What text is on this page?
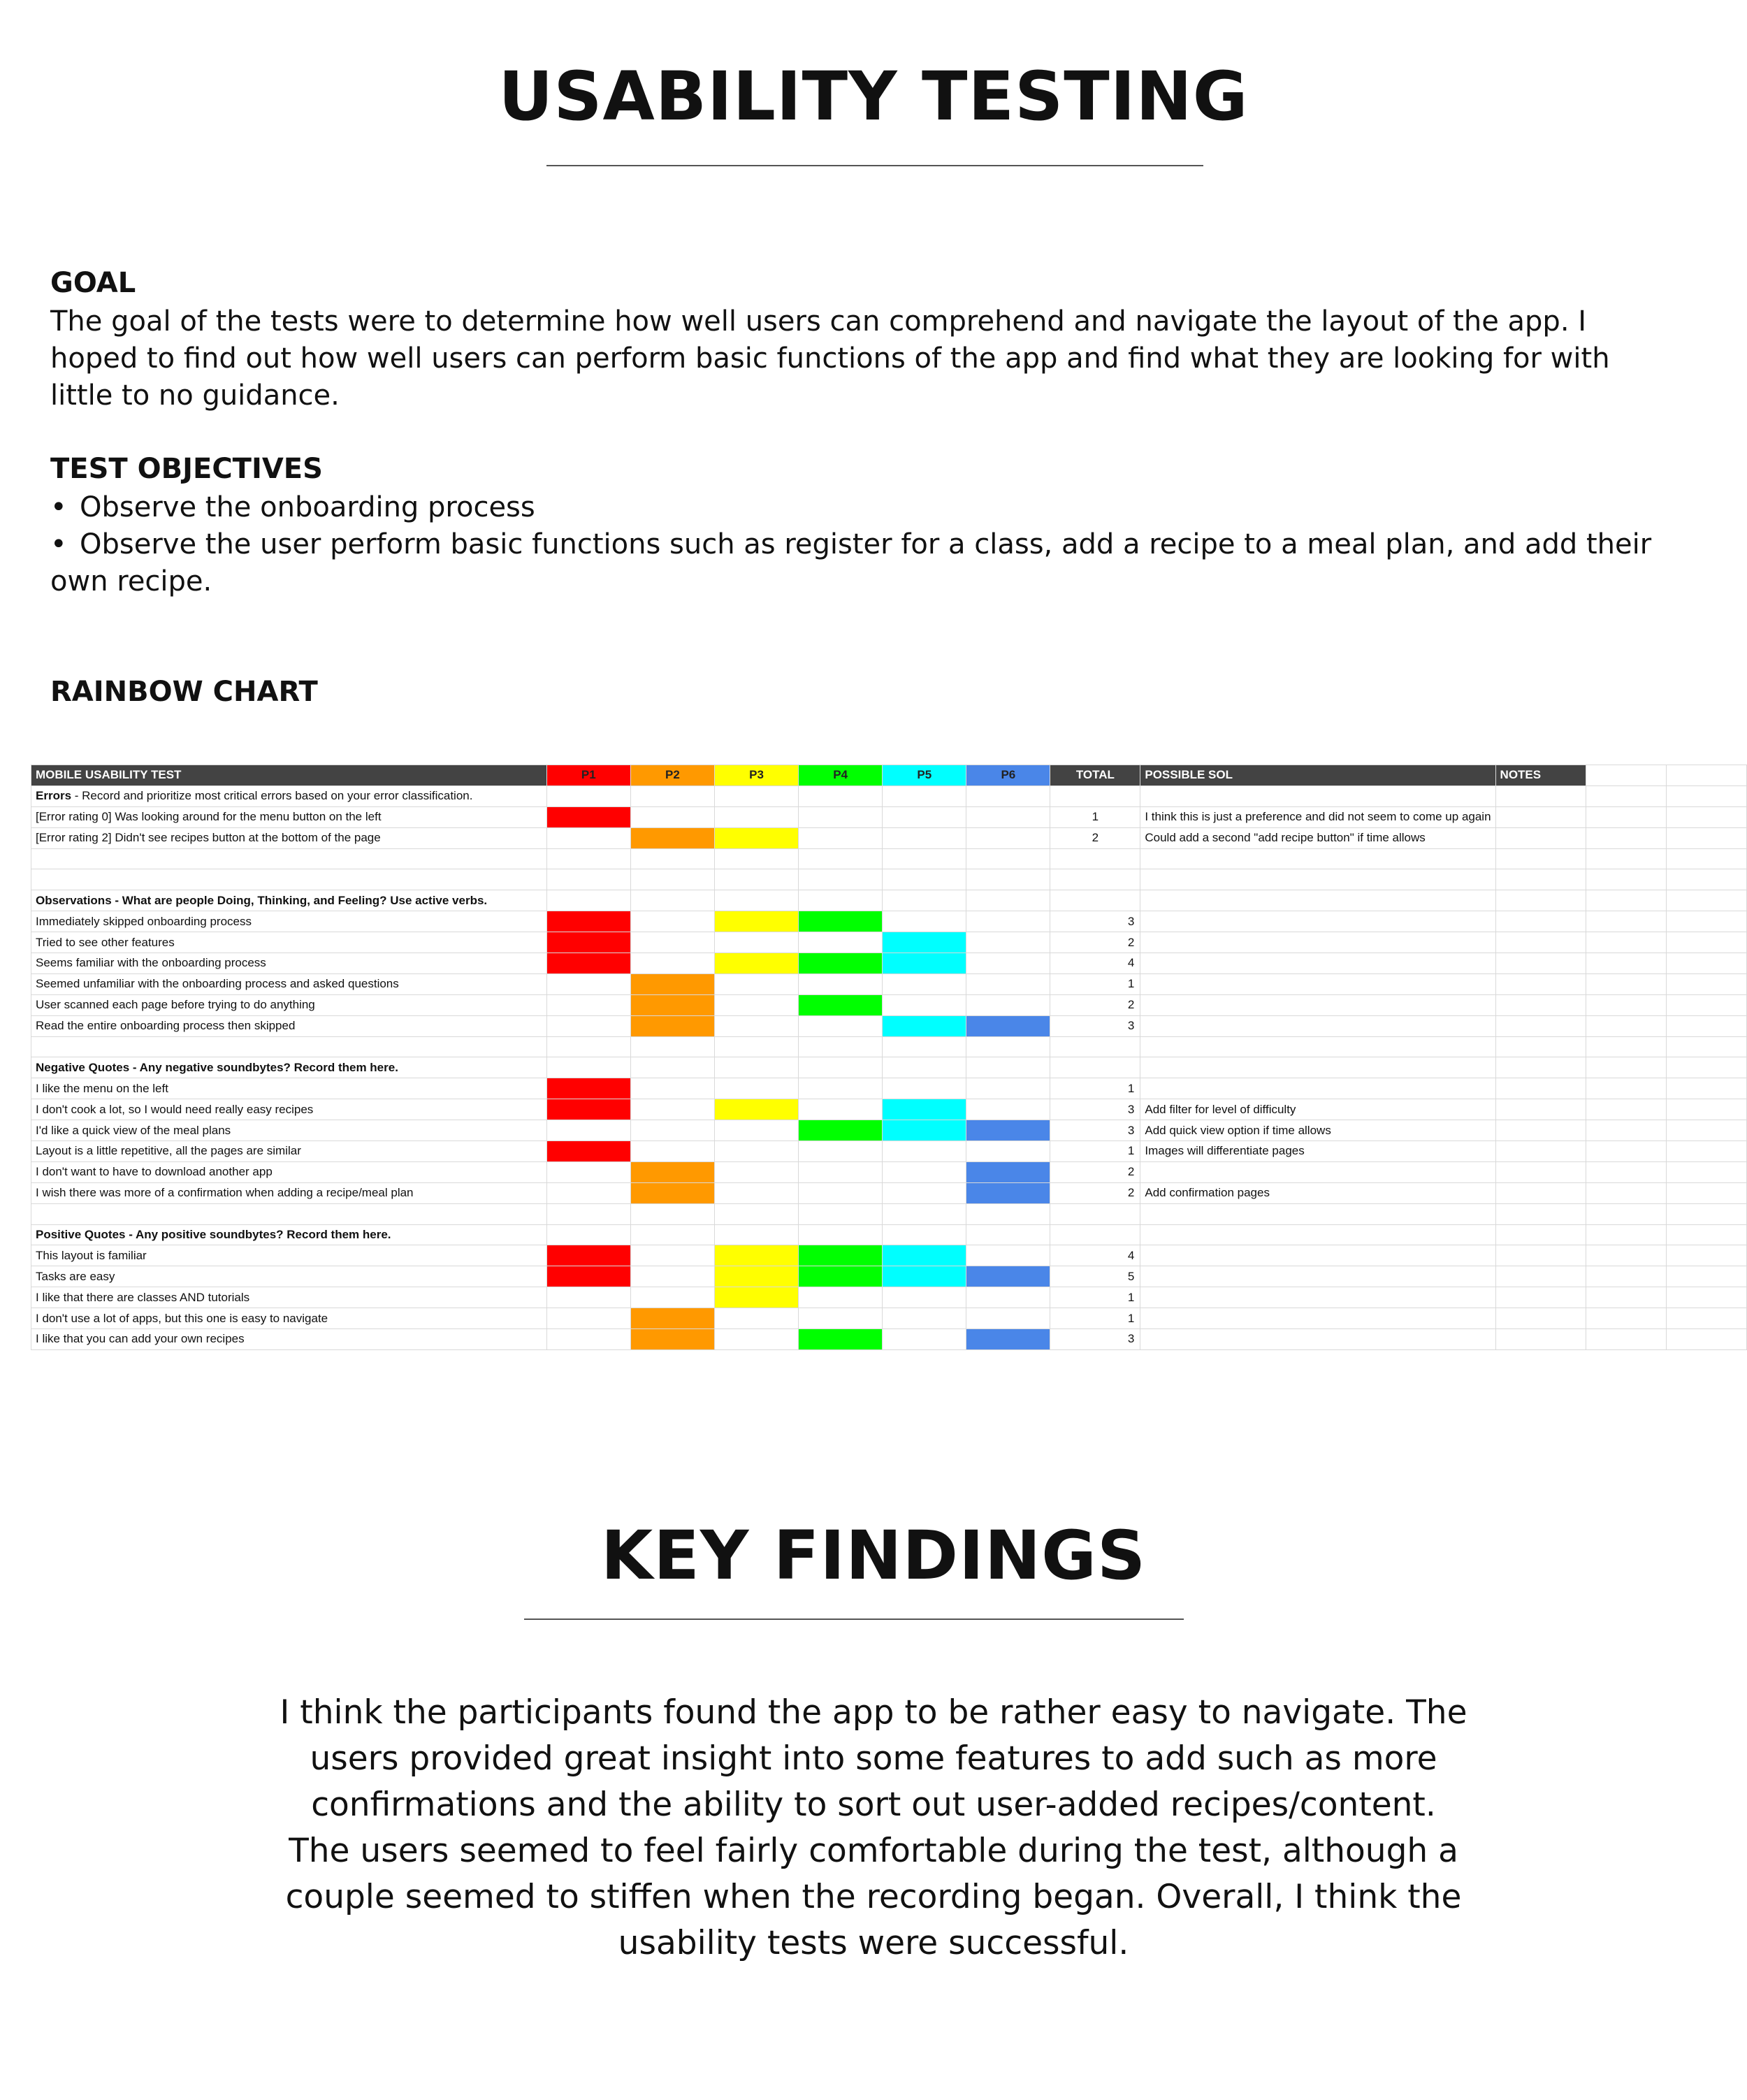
USABILITY TESTING
GOAL

The goal of the tests were to determine how well users can comprehend and navigate the layout of the app. I hoped to find out how well users can perform basic functions of the app and find what they are looking for with little to no guidance.

TEST OBJECTIVES
• Observe the onboarding process
• Observe the user perform basic functions such as register for a class, add a recipe to a meal plan, and add their own recipe.
RAINBOW CHART
MOBILE USABILITY TEST	P1	P2	P3	P4	P5	P6	TOTAL	POSSIBLE SOL	NOTES		
Errors - Record and prioritize most critical errors based on your error classification.											
[Error rating 0] Was looking around for the menu button on the left							1	I think this is just a preference and did not seem to come up again			
[Error rating 2] Didn't see recipes button at the bottom of the page							2	Could add a second "add recipe button" if time allows			

Observations - What are people Doing, Thinking, and Feeling? Use active verbs.											
Immediately skipped onboarding process							3				
Tried to see other features							2				
Seems familiar with the onboarding process							4				
Seemed unfamiliar with the onboarding process and asked questions							1				
User scanned each page before trying to do anything							2				
Read the entire onboarding process then skipped							3				

Negative Quotes - Any negative soundbytes? Record them here.											
I like the menu on the left							1				
I don't cook a lot, so I would need really easy recipes							3	Add filter for level of difficulty			
I'd like a quick view of the meal plans							3	Add quick view option if time allows			
Layout is a little repetitive, all the pages are similar							1	Images will differentiate pages			
I don't want to have to download another app							2				
I wish there was more of a confirmation when adding a recipe/meal plan							2	Add confirmation pages			

Positive Quotes - Any positive soundbytes? Record them here.											
This layout is familiar							4				
Tasks are easy							5				
I like that there are classes AND tutorials							1				
I don't use a lot of apps, but this one is easy to navigate							1				
I like that you can add your own recipes							3				
KEY FINDINGS
I think the participants found the app to be rather easy to navigate. The
users provided great insight into some features to add such as more
confirmations and the ability to sort out user-added recipes/content.
The users seemed to feel fairly comfortable during the test, although a
couple seemed to stiffen when the recording began. Overall, I think the
usability tests were successful.
